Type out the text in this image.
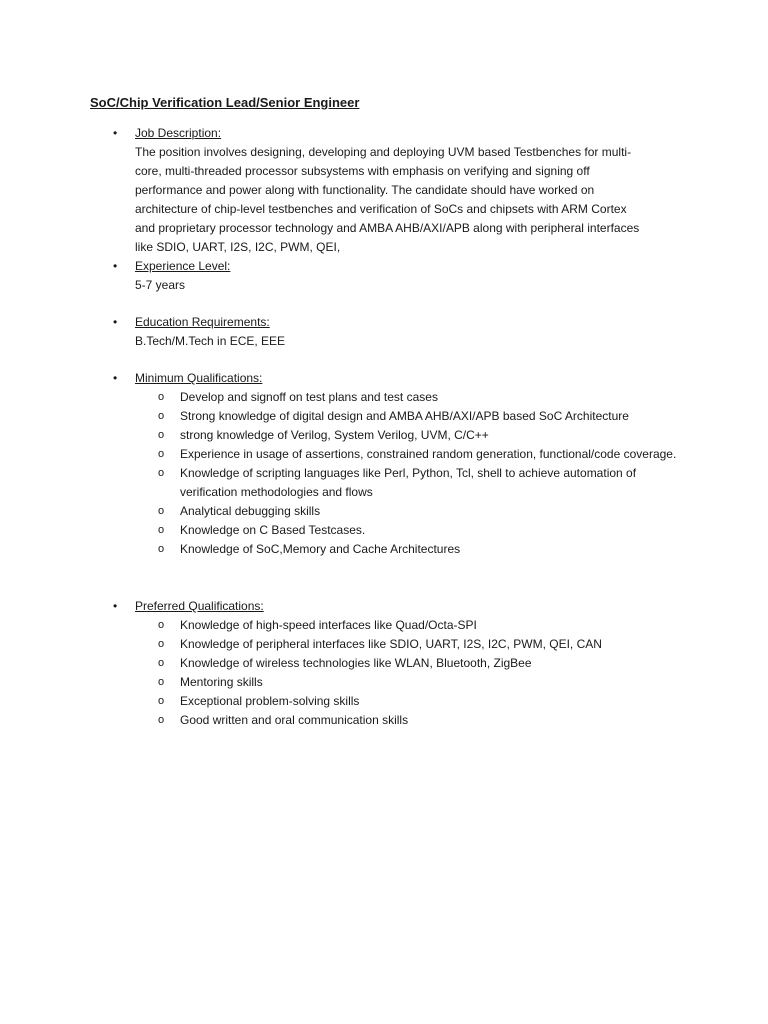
SoC/Chip Verification Lead/Senior Engineer
• Job Description:
The position involves designing, developing and deploying UVM based Testbenches for multi-
core, multi-threaded processor subsystems with emphasis on verifying and signing off
performance and power along with functionality. The candidate should have worked on
architecture of chip-level testbenches and verification of SoCs and chipsets with ARM Cortex
and proprietary processor technology and AMBA AHB/AXI/APB along with peripheral interfaces
like SDIO, UART, I2S, I2C, PWM, QEI,
• Experience Level:
5-7 years
• Education Requirements:
B.Tech/M.Tech in ECE, EEE
• Minimum Qualifications:
o Develop and signoff on test plans and test cases
o Strong knowledge of digital design and AMBA AHB/AXI/APB based SoC Architecture
o strong knowledge of Verilog, System Verilog, UVM, C/C++
o Experience in usage of assertions, constrained random generation, functional/code coverage.
o Knowledge of scripting languages like Perl, Python, Tcl, shell to achieve automation of verification methodologies and flows
o Analytical debugging skills
o Knowledge on C Based Testcases.
o Knowledge of SoC,Memory and Cache Architectures
• Preferred Qualifications:
o Knowledge of high-speed interfaces like Quad/Octa-SPI
o Knowledge of peripheral interfaces like SDIO, UART, I2S, I2C, PWM, QEI, CAN
o Knowledge of wireless technologies like WLAN, Bluetooth, ZigBee
o Mentoring skills
o Exceptional problem-solving skills
o Good written and oral communication skills
